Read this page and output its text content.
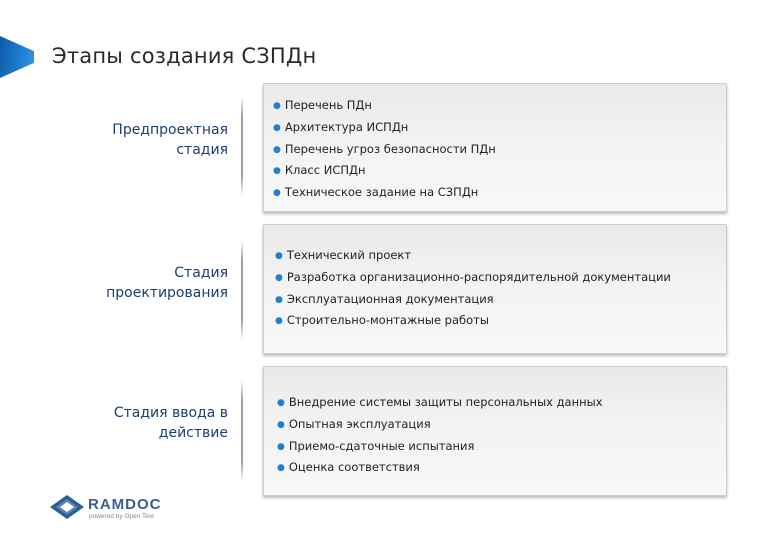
Этапы создания СЗПДн
Предпроектная
стадия
● Перечень ПДн
● Архитектура ИСПДн
● Перечень угроз безопасности ПДн
● Класс ИСПДн
● Техническое задание на СЗПДн
Стадия
проектирования
● Технический проект
● Разработка организационно-распорядительной документации
● Эксплуатационная документация
● Строительно-монтажные работы
Стадия ввода в
действие
● Внедрение системы защиты персональных данных
● Опытная эксплуатация
● Приемо-сдаточные испытания
● Оценка соответствия
RAMDOC
powered by Open Text
